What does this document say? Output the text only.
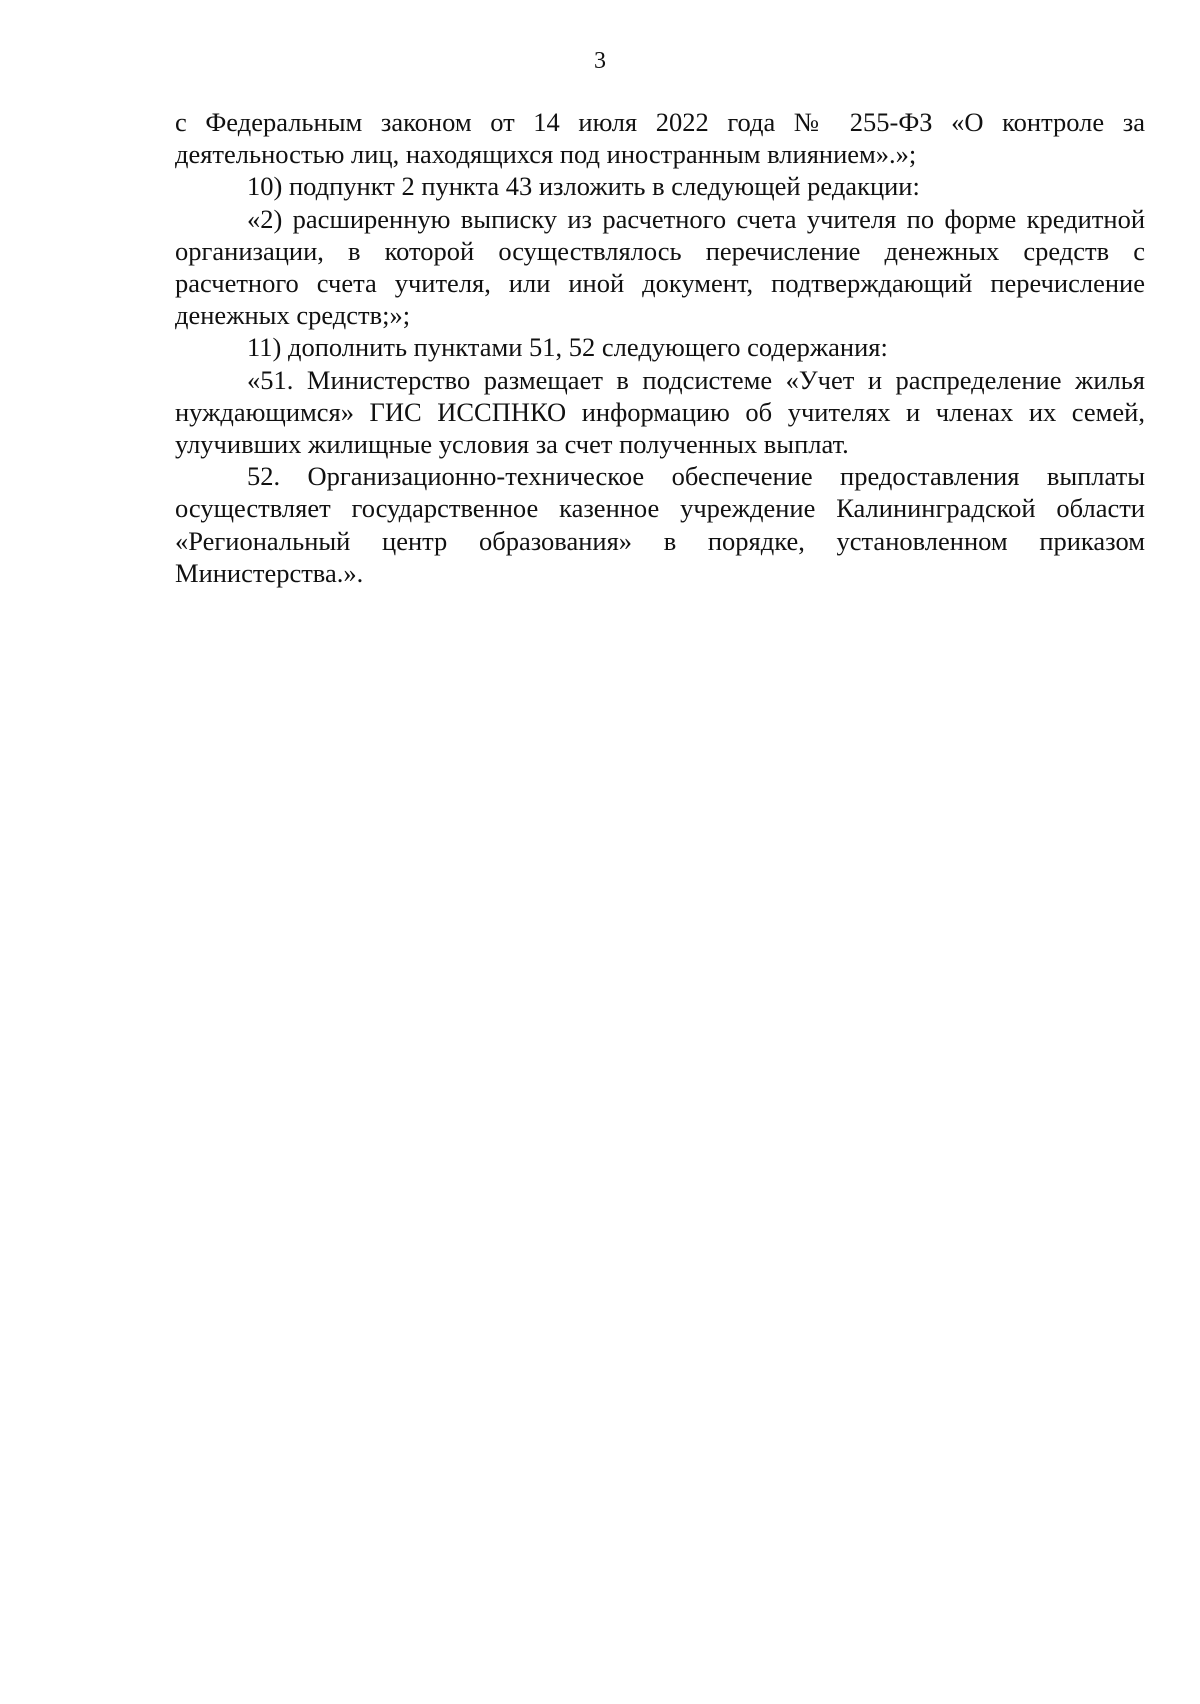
3

с Федеральным законом от 14 июля 2022 года № 255-ФЗ «О контроле за деятельностью лиц, находящихся под иностранным влиянием».»;

10) подпункт 2 пункта 43 изложить в следующей редакции:

«2) расширенную выписку из расчетного счета учителя по форме кредитной организации, в которой осуществлялось перечисление денежных средств с расчетного счета учителя, или иной документ, подтверждающий перечисление денежных средств;»;

11) дополнить пунктами 51, 52 следующего содержания:

«51. Министерство размещает в подсистеме «Учет и распределение жилья нуждающимся» ГИС ИССПНКО информацию об учителях и членах их семей, улучивших жилищные условия за счет полученных выплат.

52. Организационно-техническое обеспечение предоставления выплаты осуществляет государственное казенное учреждение Калининградской области «Региональный центр образования» в порядке, установленном приказом Министерства.».
